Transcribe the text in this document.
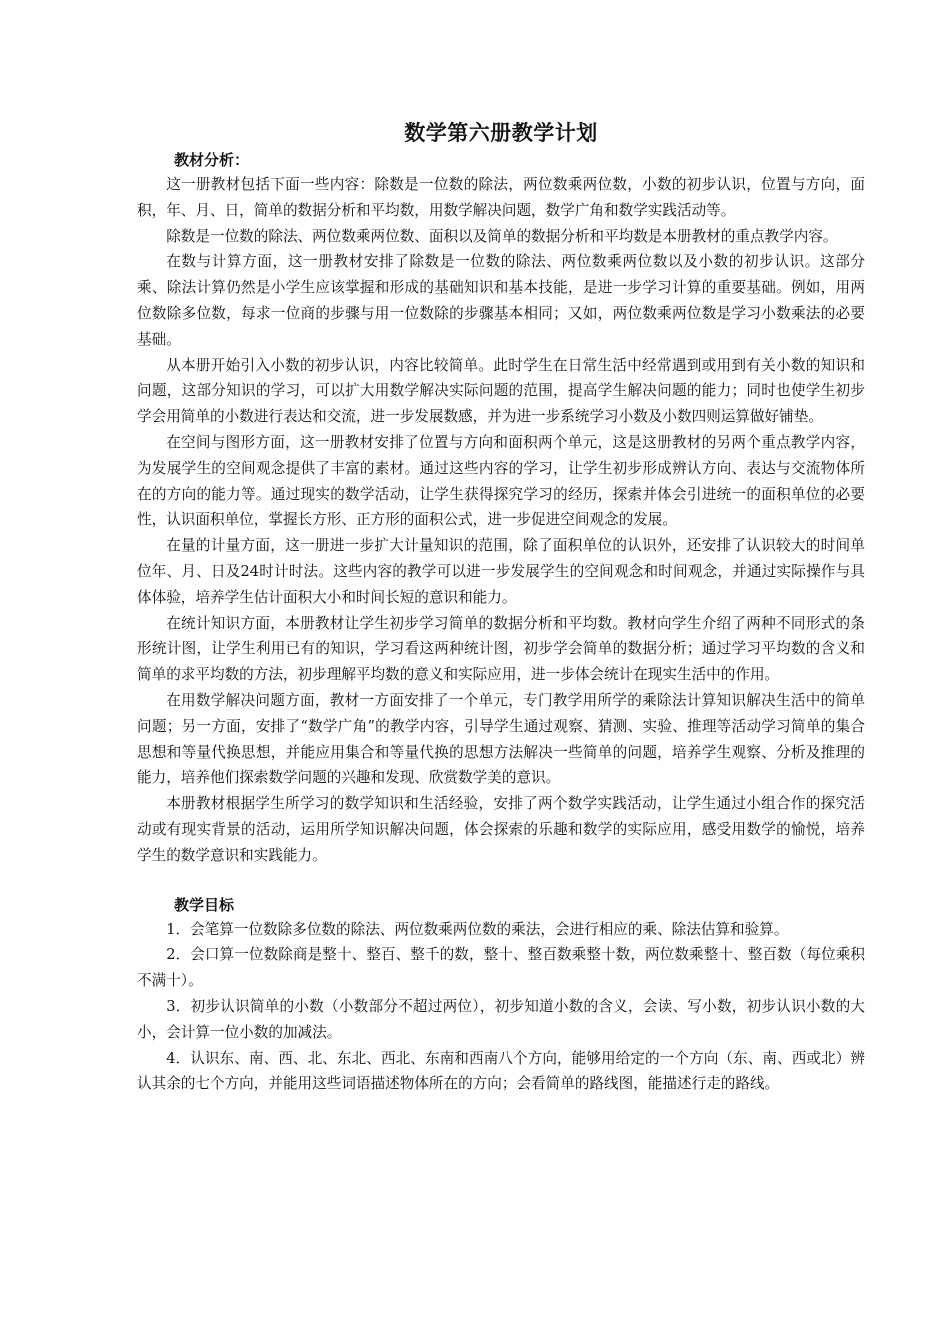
数学第六册教学计划

教材分析：

这一册教材包括下面一些内容：除数是一位数的除法，两位数乘两位数，小数的初步认识，位置与方向，面积，年、月、日，简单的数据分析和平均数，用数学解决问题，数学广角和数学实践活动等。

除数是一位数的除法、两位数乘两位数、面积以及简单的数据分析和平均数是本册教材的重点教学内容。

在数与计算方面，这一册教材安排了除数是一位数的除法、两位数乘两位数以及小数的初步认识。这部分乘、除法计算仍然是小学生应该掌握和形成的基础知识和基本技能，是进一步学习计算的重要基础。例如，用两位数除多位数，每求一位商的步骤与用一位数除的步骤基本相同；又如，两位数乘两位数是学习小数乘法的必要基础。

从本册开始引入小数的初步认识，内容比较简单。此时学生在日常生活中经常遇到或用到有关小数的知识和问题，这部分知识的学习，可以扩大用数学解决实际问题的范围，提高学生解决问题的能力；同时也使学生初步学会用简单的小数进行表达和交流，进一步发展数感，并为进一步系统学习小数及小数四则运算做好铺垫。

在空间与图形方面，这一册教材安排了位置与方向和面积两个单元，这是这册教材的另两个重点教学内容，为发展学生的空间观念提供了丰富的素材。通过这些内容的学习，让学生初步形成辨认方向、表达与交流物体所在的方向的能力等。通过现实的数学活动，让学生获得探究学习的经历，探索并体会引进统一的面积单位的必要性，认识面积单位，掌握长方形、正方形的面积公式，进一步促进空间观念的发展。

在量的计量方面，这一册进一步扩大计量知识的范围，除了面积单位的认识外，还安排了认识较大的时间单位年、月、日及24时计时法。这些内容的教学可以进一步发展学生的空间观念和时间观念，并通过实际操作与具体体验，培养学生估计面积大小和时间长短的意识和能力。

在统计知识方面，本册教材让学生初步学习简单的数据分析和平均数。教材向学生介绍了两种不同形式的条形统计图，让学生利用已有的知识，学习看这两种统计图，初步学会简单的数据分析；通过学习平均数的含义和简单的求平均数的方法，初步理解平均数的意义和实际应用，进一步体会统计在现实生活中的作用。

在用数学解决问题方面，教材一方面安排了一个单元，专门教学用所学的乘除法计算知识解决生活中的简单问题；另一方面，安排了“数学广角”的教学内容，引导学生通过观察、猜测、实验、推理等活动学习简单的集合思想和等量代换思想，并能应用集合和等量代换的思想方法解决一些简单的问题，培养学生观察、分析及推理的能力，培养他们探索数学问题的兴趣和发现、欣赏数学美的意识。

本册教材根据学生所学习的数学知识和生活经验，安排了两个数学实践活动，让学生通过小组合作的探究活动或有现实背景的活动，运用所学知识解决问题，体会探索的乐趣和数学的实际应用，感受用数学的愉悦，培养学生的数学意识和实践能力。

教学目标

1．会笔算一位数除多位数的除法、两位数乘两位数的乘法，会进行相应的乘、除法估算和验算。

2．会口算一位数除商是整十、整百、整千的数，整十、整百数乘整十数，两位数乘整十、整百数（每位乘积不满十）。

3．初步认识简单的小数（小数部分不超过两位），初步知道小数的含义，会读、写小数，初步认识小数的大小，会计算一位小数的加减法。

4．认识东、南、西、北、东北、西北、东南和西南八个方向，能够用给定的一个方向（东、南、西或北）辨认其余的七个方向，并能用这些词语描述物体所在的方向；会看简单的路线图，能描述行走的路线。
